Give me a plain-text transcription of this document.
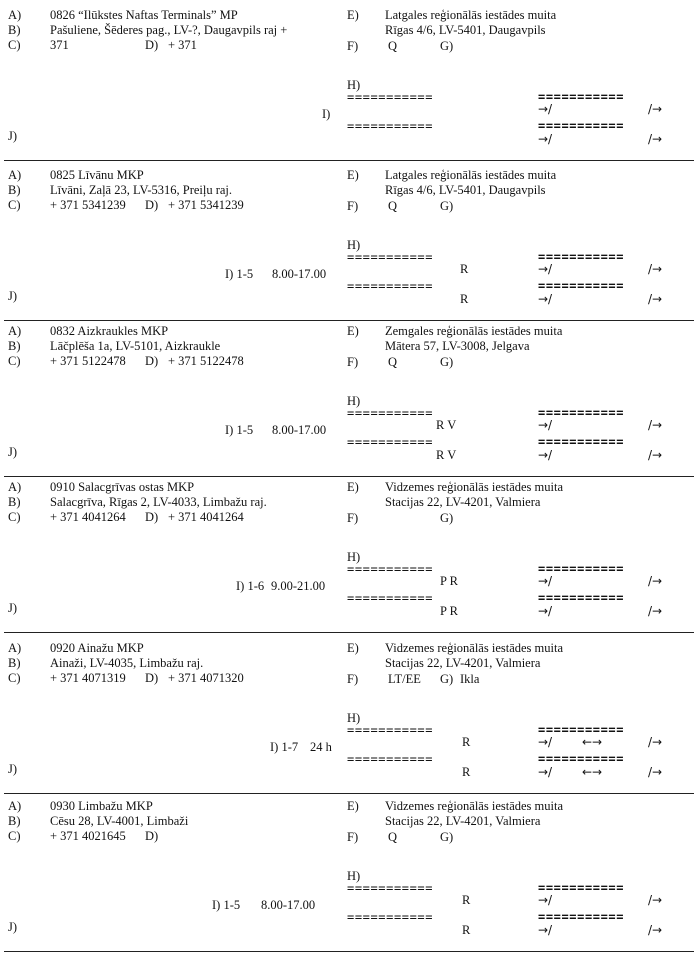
A) 0826 “Ilūkstes Naftas Terminals” MP
B) Pašuliene, Šēderes pag., LV-?, Daugavpils raj +
C) 371	D) + 371
E) Latgales reģionālās iestādes muita
Rīgas 4/6, LV-5401, Daugavpils
F) Q	G)
H)
===========	===========
→/	/→
I)
===========	===========
→/	/→
J)
A) 0825 Līvānu MKP
B) Līvāni, Zaļā 23, LV-5316, Preiļu raj.
C) + 371 5341239 D) + 371 5341239
E) Latgales reģionālās iestādes muita
Rīgas 4/6, LV-5401, Daugavpils
F) Q	G)
H)
===========	===========
R	→/	/→
I) 1-5 8.00-17.00
===========	===========
R	→/	/→
J)
A) 0832 Aizkraukles MKP
B) Lāčplēša 1a, LV-5101, Aizkraukle
C) + 371 5122478 D) + 371 5122478
E) Zemgales reģionālās iestādes muita
Mātera 57, LV-3008, Jelgava
F) Q	G)
H)
===========	===========
R V	→/	/→
I) 1-5 8.00-17.00
===========	===========
R V	→/	/→
J)
A) 0910 Salacgrīvas ostas MKP
B) Salacgrīva, Rīgas 2, LV-4033, Limbažu raj.
C) + 371 4041264 D) + 371 4041264
E) Vidzemes reģionālās iestādes muita
Stacijas 22, LV-4201, Valmiera
F)	G)
H)
===========	===========
P R	→/	/→
I) 1-6 9.00-21.00
===========	===========
P R	→/	/→
J)
A) 0920 Ainažu MKP
B) Ainaži, LV-4035, Limbažu raj.
C) + 371 4071319 D) + 371 4071320
E) Vidzemes reģionālās iestādes muita
Stacijas 22, LV-4201, Valmiera
F) LT/EE G) Ikla
H)
===========	===========
R	→/ ←→	/→
I) 1-7 24 h
===========	===========
R	→/ ←→	/→
J)
A) 0930 Limbažu MKP
B) Cēsu 28, LV-4001, Limbaži
C) + 371 4021645 D)
E) Vidzemes reģionālās iestādes muita
Stacijas 22, LV-4201, Valmiera
F) Q	G)
H)
===========	===========
R	→/	/→
I) 1-5 8.00-17.00
===========	===========
R	→/	/→
J)
